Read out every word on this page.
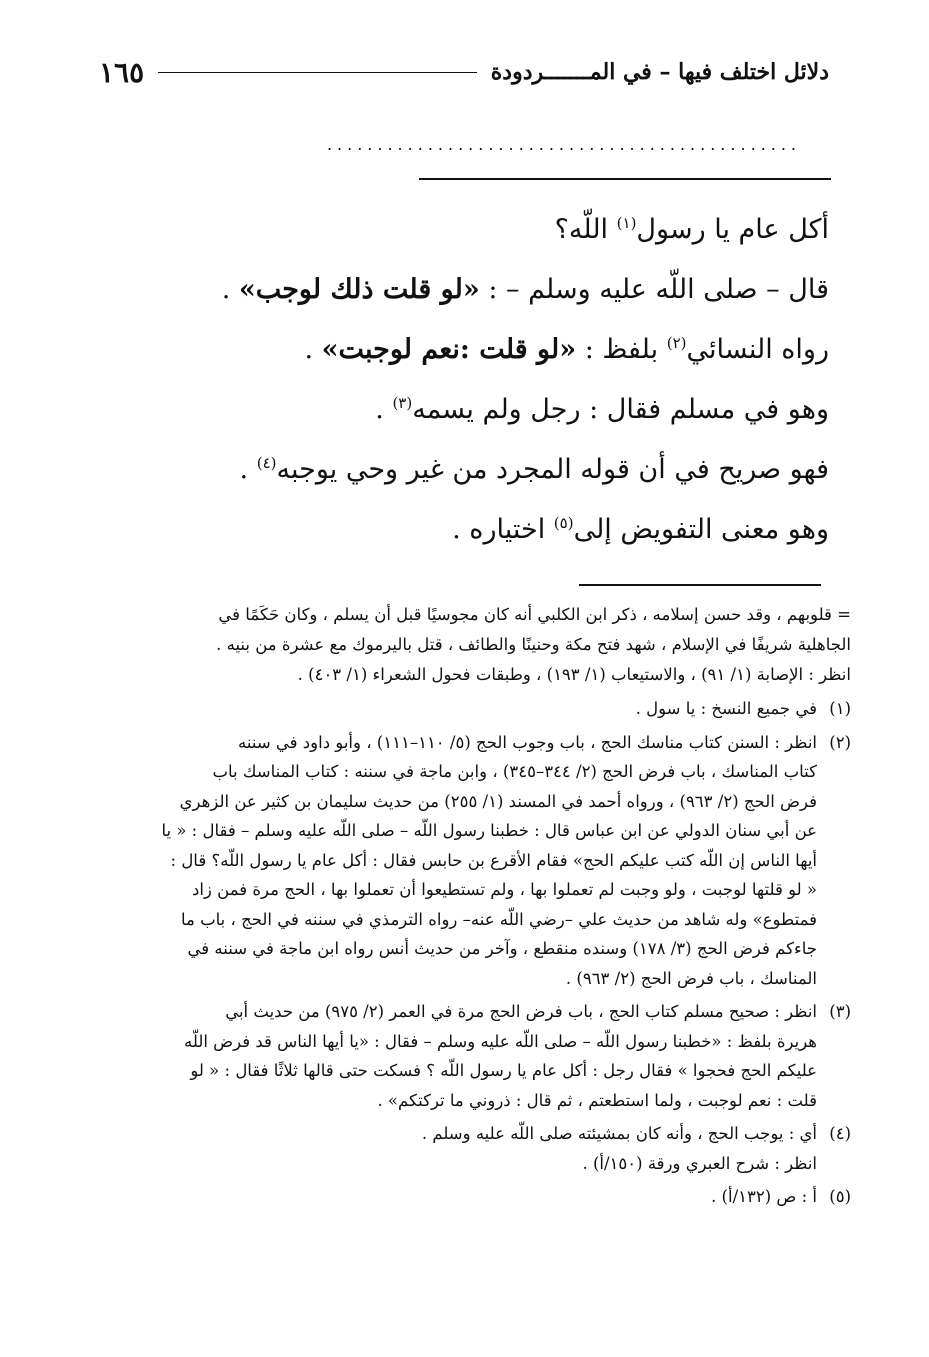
دلائل اختلف فيها – في المـــــــردودة
١٦٥
...............................................

أكل عام يا رسول$^{(١)}$ اللّه؟

قال – صلى اللّه عليه وسلم – : «لو قلت ذلك لوجب» .

رواه النسائي$^{(٢)}$ بلفظ : «لو قلت :نعم لوجبت» .

وهو في مسلم فقال : رجل ولم يسمه$^{(٣)}$ .

فهو صريح في أن قوله المجرد من غير وحي يوجبه$^{(٤)}$ .

وهو معنى التفويض إلى$^{(٥)}$ اختياره .

= قلوبهم ، وقد حسن إسلامه ، ذكر ابن الكلبي أنه كان مجوسيًا قبل أن يسلم ، وكان حَكَمًا في
الجاهلية شريفًا في الإسلام ، شهد فتح مكة وحنينًا والطائف ، قتل باليرموك مع عشرة من بنيه .
انظر : الإصابة (١/ ٩١) ، والاستيعاب (١/ ١٩٣) ، وطبقات فحول الشعراء (١/ ٤٠٣) .
(١)
في جميع النسخ : يا سول .
(٢)
انظر : السنن كتاب مناسك الحج ، باب وجوب الحج (٥/ ١١٠–١١١) ، وأبو داود في سننه
كتاب المناسك ، باب فرض الحج (٢/ ٣٤٤–٣٤٥) ، وابن ماجة في سننه : كتاب المناسك باب
فرض الحج (٢/ ٩٦٣) ، ورواه أحمد في المسند (١/ ٢٥٥) من حديث سليمان بن كثير عن الزهري
عن أبي سنان الدولي عن ابن عباس قال : خطبنا رسول اللّه – صلى اللّه عليه وسلم – فقال : « يا
أيها الناس إن اللّه كتب عليكم الحج» فقام الأقرع بن حابس فقال : أكل عام يا رسول اللّه؟ قال :
« لو قلتها لوجبت ، ولو وجبت لم تعملوا بها ، ولم تستطيعوا أن تعملوا بها ، الحج مرة فمن زاد
فمتطوع» وله شاهد من حديث علي –رضي اللّه عنه– رواه الترمذي في سننه في الحج ، باب ما
جاءكم فرض الحج (٣/ ١٧٨) وسنده منقطع ، وآخر من حديث أنس رواه ابن ماجة في سننه في
المناسك ، باب فرض الحج (٢/ ٩٦٣) .
(٣)
انظر : صحيح مسلم كتاب الحج ، باب فرض الحج مرة في العمر (٢/ ٩٧٥) من حديث أبي
هريرة بلفظ : «خطبنا رسول اللّه – صلى اللّه عليه وسلم – فقال : «يا أيها الناس قد فرض اللّه
عليكم الحج فحجوا » فقال رجل : أكل عام يا رسول اللّه ؟ فسكت حتى قالها ثلاثًا فقال : « لو
قلت : نعم لوجبت ، ولما استطعتم ، ثم قال : ذروني ما تركتكم» .
(٤)
أي : يوجب الحج ، وأنه كان بمشيئته صلى اللّه عليه وسلم .
انظر : شرح العبري ورقة (١٥٠/أ) .
(٥)
أ : ص (١٣٢/أ) .
